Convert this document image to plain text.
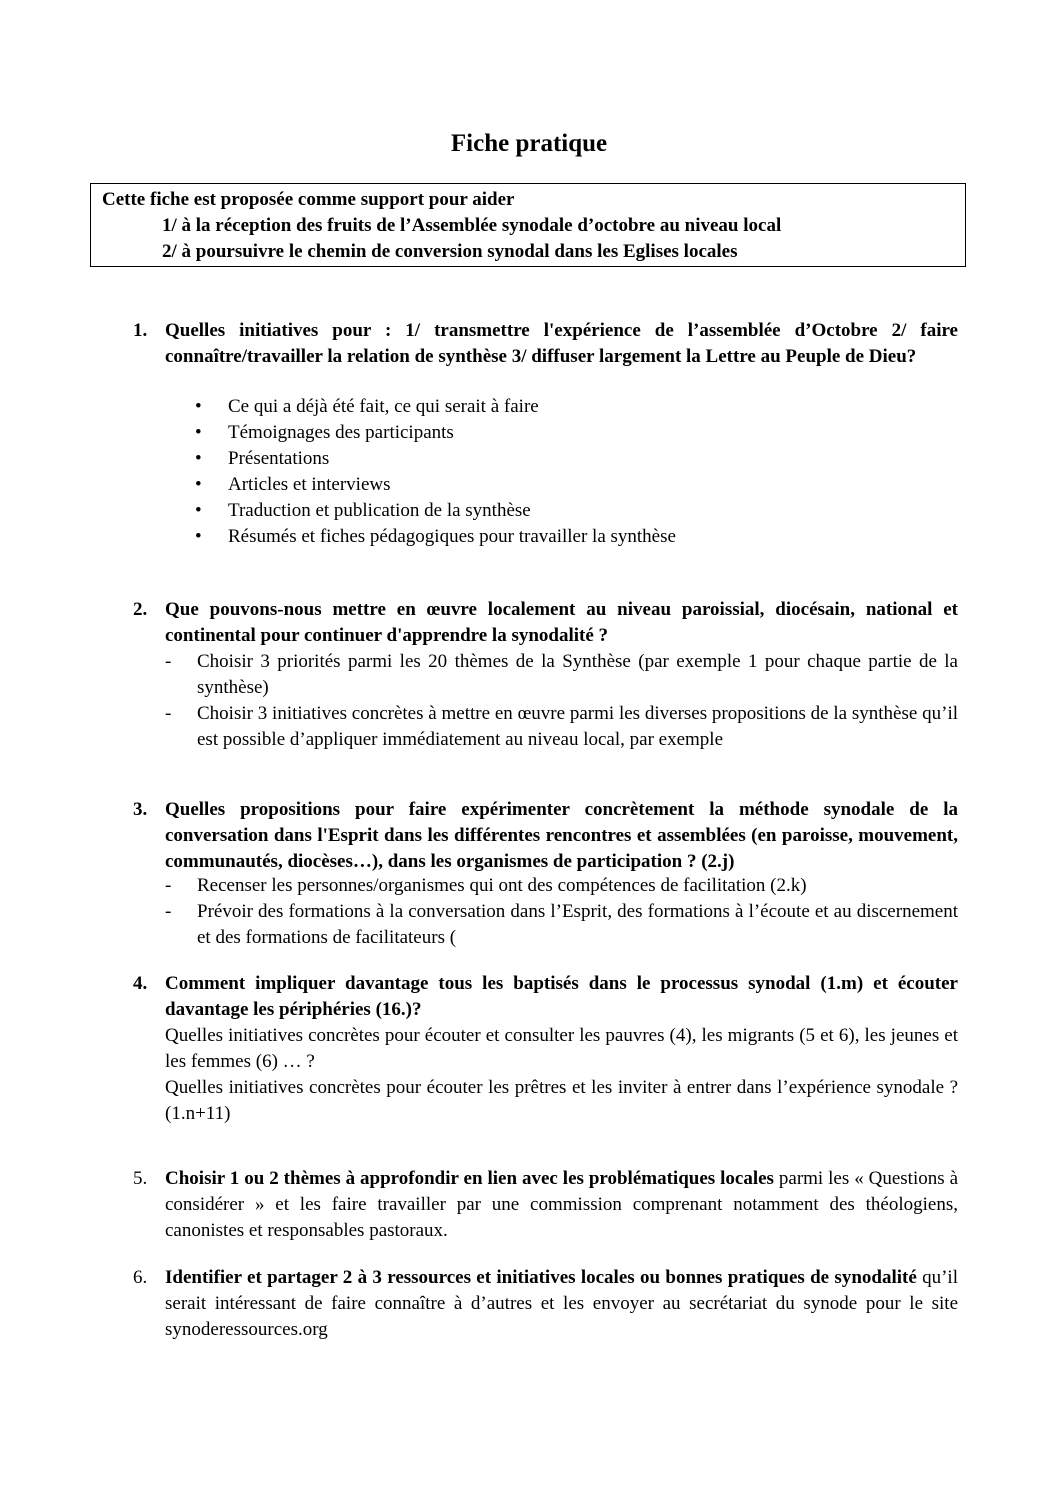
Fiche pratique
Cette fiche est proposée comme support pour aider
1/ à la réception des fruits de l’Assemblée synodale d’octobre au niveau local
2/ à poursuivre le chemin de conversion synodal dans les Eglises locales
1. Quelles initiatives pour : 1/ transmettre l'expérience de l’assemblée d’Octobre 2/ faire connaître/travailler la relation de synthèse 3/ diffuser largement la Lettre au Peuple de Dieu?
•	Ce qui a déjà été fait, ce qui serait à faire
•	Témoignages des participants
•	Présentations
•	Articles et interviews
•	Traduction et publication de la synthèse
•	Résumés et fiches pédagogiques pour travailler la synthèse
2. Que pouvons-nous mettre en œuvre localement au niveau paroissial, diocésain, national et continental pour continuer d'apprendre la synodalité ?
- Choisir 3 priorités parmi les 20 thèmes de la Synthèse (par exemple 1 pour chaque partie de la synthèse)
- Choisir 3 initiatives concrètes à mettre en œuvre parmi les diverses propositions de la synthèse qu’il est possible d’appliquer immédiatement au niveau local, par exemple
3. Quelles propositions pour faire expérimenter concrètement la méthode synodale de la conversation dans l'Esprit dans les différentes rencontres et assemblées (en paroisse, mouvement, communautés, diocèses…), dans les organismes de participation ? (2.j)
- Recenser les personnes/organismes qui ont des compétences de facilitation (2.k)
- Prévoir des formations à la conversation dans l’Esprit, des formations à l’écoute et au discernement et des formations de facilitateurs (
4. Comment impliquer davantage tous les baptisés dans le processus synodal (1.m) et écouter davantage les périphéries (16.)?

Quelles initiatives concrètes pour écouter et consulter les pauvres (4), les migrants (5 et 6), les jeunes et les femmes (6) … ?

Quelles initiatives concrètes pour écouter les prêtres et les inviter à entrer dans l’expérience synodale ? (1.n+11)

5. Choisir 1 ou 2 thèmes à approfondir en lien avec les problématiques locales parmi les « Questions à considérer » et les faire travailler par une commission comprenant notamment des théologiens, canonistes et responsables pastoraux.
6. Identifier et partager 2 à 3 ressources et initiatives locales ou bonnes pratiques de synodalité qu’il serait intéressant de faire connaître à d’autres et les envoyer au secrétariat du synode pour le site synoderessources.org
